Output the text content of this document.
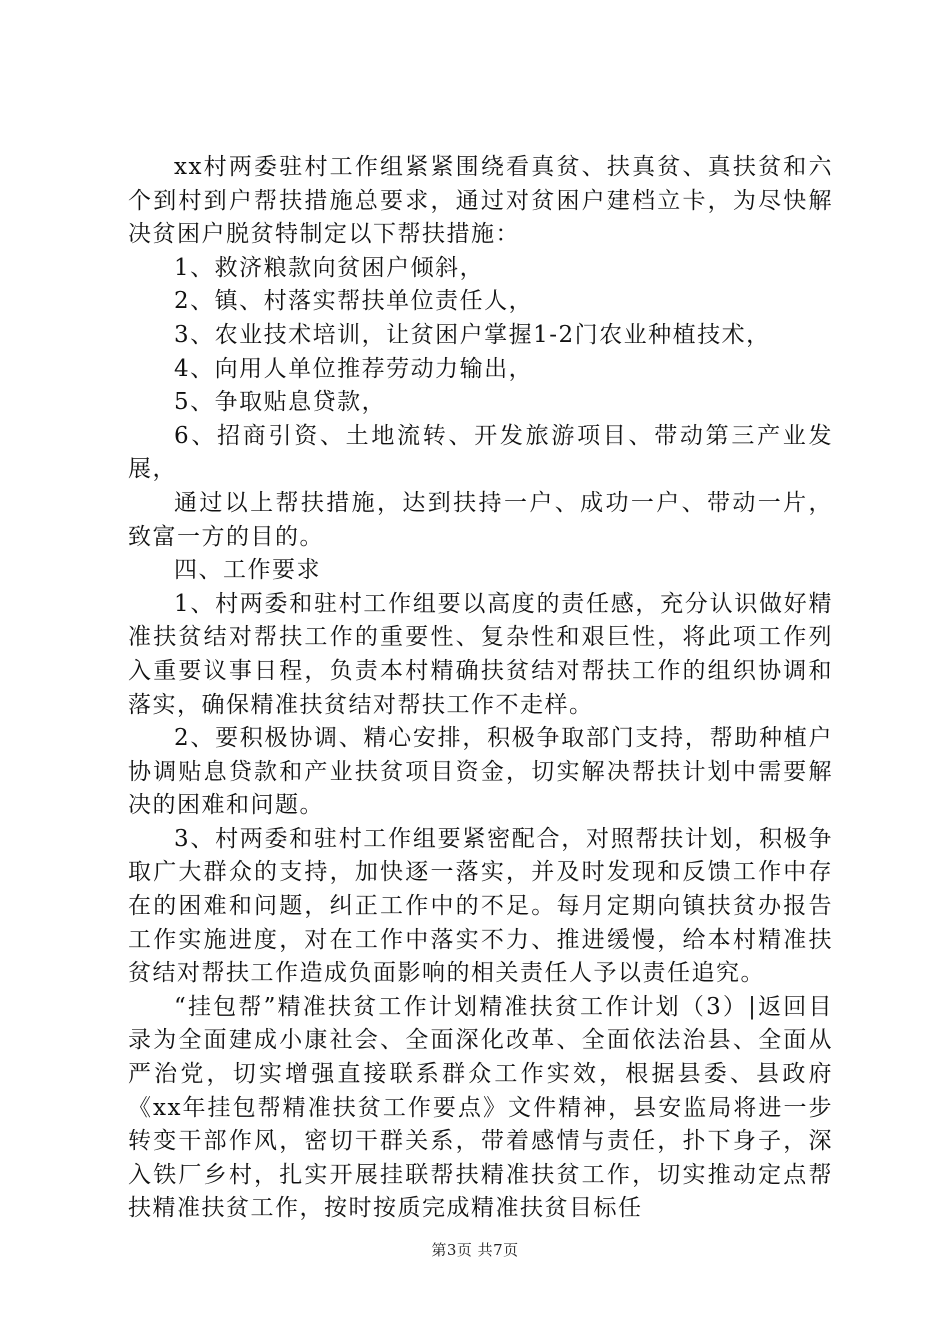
xx村两委驻村工作组紧紧围绕看真贫、扶真贫、真扶贫和六个到村到户帮扶措施总要求，通过对贫困户建档立卡，为尽快解决贫困户脱贫特制定以下帮扶措施：

1、救济粮款向贫困户倾斜，

2、镇、村落实帮扶单位责任人，

3、农业技术培训，让贫困户掌握1-2门农业种植技术，

4、向用人单位推荐劳动力输出，

5、争取贴息贷款，

6、招商引资、土地流转、开发旅游项目、带动第三产业发展，

通过以上帮扶措施，达到扶持一户、成功一户、带动一片，致富一方的目的。

四、工作要求

1、村两委和驻村工作组要以高度的责任感，充分认识做好精准扶贫结对帮扶工作的重要性、复杂性和艰巨性，将此项工作列入重要议事日程，负责本村精确扶贫结对帮扶工作的组织协调和落实，确保精准扶贫结对帮扶工作不走样。

2、要积极协调、精心安排，积极争取部门支持，帮助种植户协调贴息贷款和产业扶贫项目资金，切实解决帮扶计划中需要解决的困难和问题。

3、村两委和驻村工作组要紧密配合，对照帮扶计划，积极争取广大群众的支持，加快逐一落实，并及时发现和反馈工作中存在的困难和问题，纠正工作中的不足。每月定期向镇扶贫办报告工作实施进度，对在工作中落实不力、推进缓慢，给本村精准扶贫结对帮扶工作造成负面影响的相关责任人予以责任追究。

“挂包帮”精准扶贫工作计划精准扶贫工作计划（3）|返回目录为全面建成小康社会、全面深化改革、全面依法治县、全面从严治党，切实增强直接联系群众工作实效，根据县委、县政府《xx年挂包帮精准扶贫工作要点》文件精神，县安监局将进一步转变干部作风，密切干群关系，带着感情与责任，扑下身子，深入铁厂乡村，扎实开展挂联帮扶精准扶贫工作，切实推动定点帮扶精准扶贫工作，按时按质完成精准扶贫目标任

第3页 共7页
